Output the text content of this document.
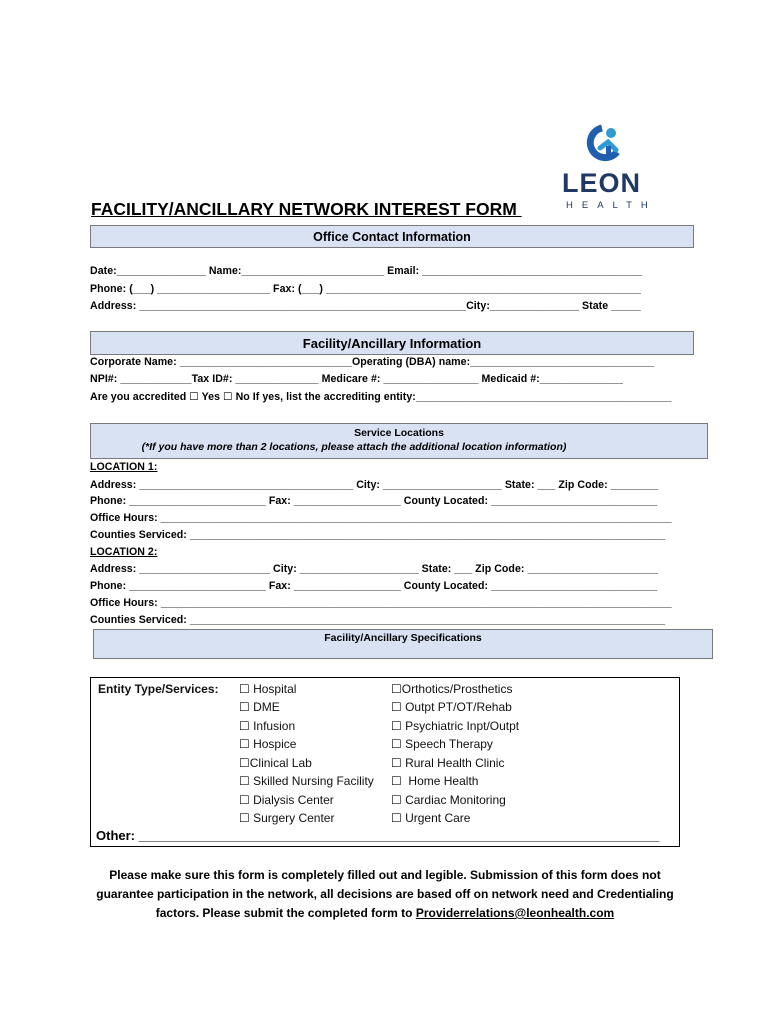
LEON
HEALTH
FACILITY/ANCILLARY NETWORK INTEREST FORM
Office Contact Information
Date:_______________ Name:________________________ Email: _____________________________________
Phone: (___) ___________________ Fax: (___) _____________________________________________________
Address: _______________________________________________________City:_______________ State _____
Facility/Ancillary Information
Corporate Name: _____________________________Operating (DBA) name:_______________________________
NPI#: ____________Tax ID#: ______________ Medicare #: ________________ Medicaid #:______________
Are you accredited ☐ Yes ☐ No If yes, list the accrediting entity:___________________________________________
Service Locations
(*If you have more than 2 locations, please attach the additional location information)
LOCATION 1:
Address: ____________________________________ City: ____________________ State: ___ Zip Code: ________
Phone: _______________________ Fax: __________________ County Located: ____________________________
Office Hours: ______________________________________________________________________________________
Counties Serviced: ________________________________________________________________________________
LOCATION 2:
Address: ______________________ City: ____________________ State: ___ Zip Code: ______________________
Phone: _______________________ Fax: __________________ County Located: ____________________________
Office Hours: ______________________________________________________________________________________
Counties Serviced: ________________________________________________________________________________
Facility/Ancillary Specifications
Entity Type/Services: ☐ Hospital
☐ DME
☐ Infusion
☐ Hospice
☐Clinical Lab
☐ Skilled Nursing Facility
☐ Dialysis Center
☐ Surgery Center
☐Orthotics/Prosthetics
☐ Outpt PT/OT/Rehab
☐ Psychiatric Inpt/Outpt
☐ Speech Therapy
☐ Rural Health Clinic
☐  Home Health
☐ Cardiac Monitoring
☐ Urgent Care
Other: ________________________________________________________________________
Please make sure this form is completely filled out and legible. Submission of this form does not
guarantee participation in the network, all decisions are based off on network need and Credentialing
factors. Please submit the completed form to Providerrelations@leonhealth.com
